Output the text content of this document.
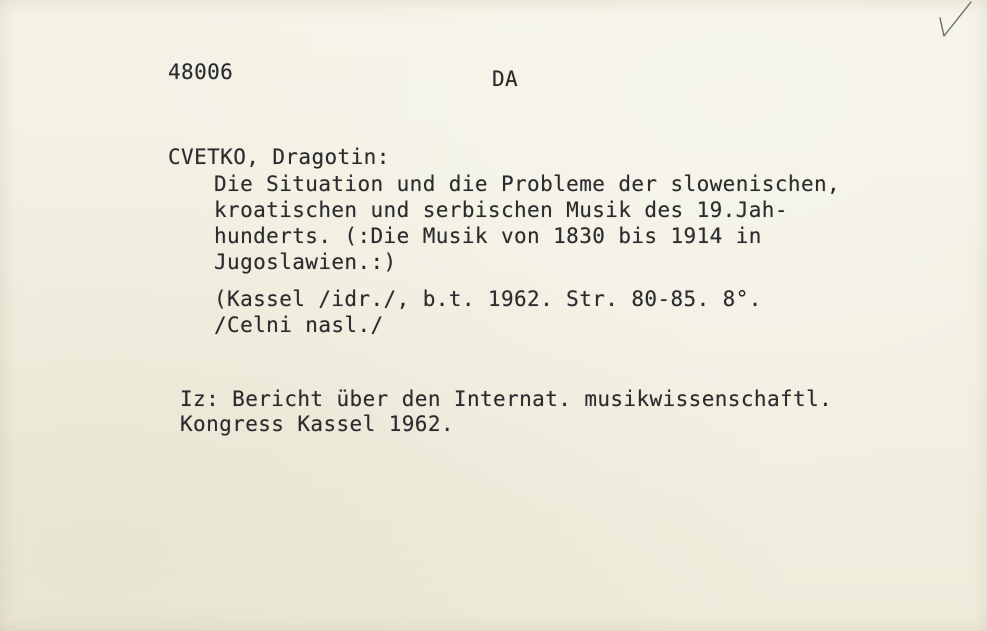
48006	DA
CVETKO, Dragotin:
Die Situation und die Probleme der slowenischen,
kroatischen und serbischen Musik des 19.Jah-
hunderts. (:Die Musik von 1830 bis 1914 in
Jugoslawien.:)
(Kassel /idr./, b.t. 1962. Str. 80-85. 8°.
/Celni nasl./
Iz: Bericht über den Internat. musikwissenschaftl.
Kongress Kassel 1962.
